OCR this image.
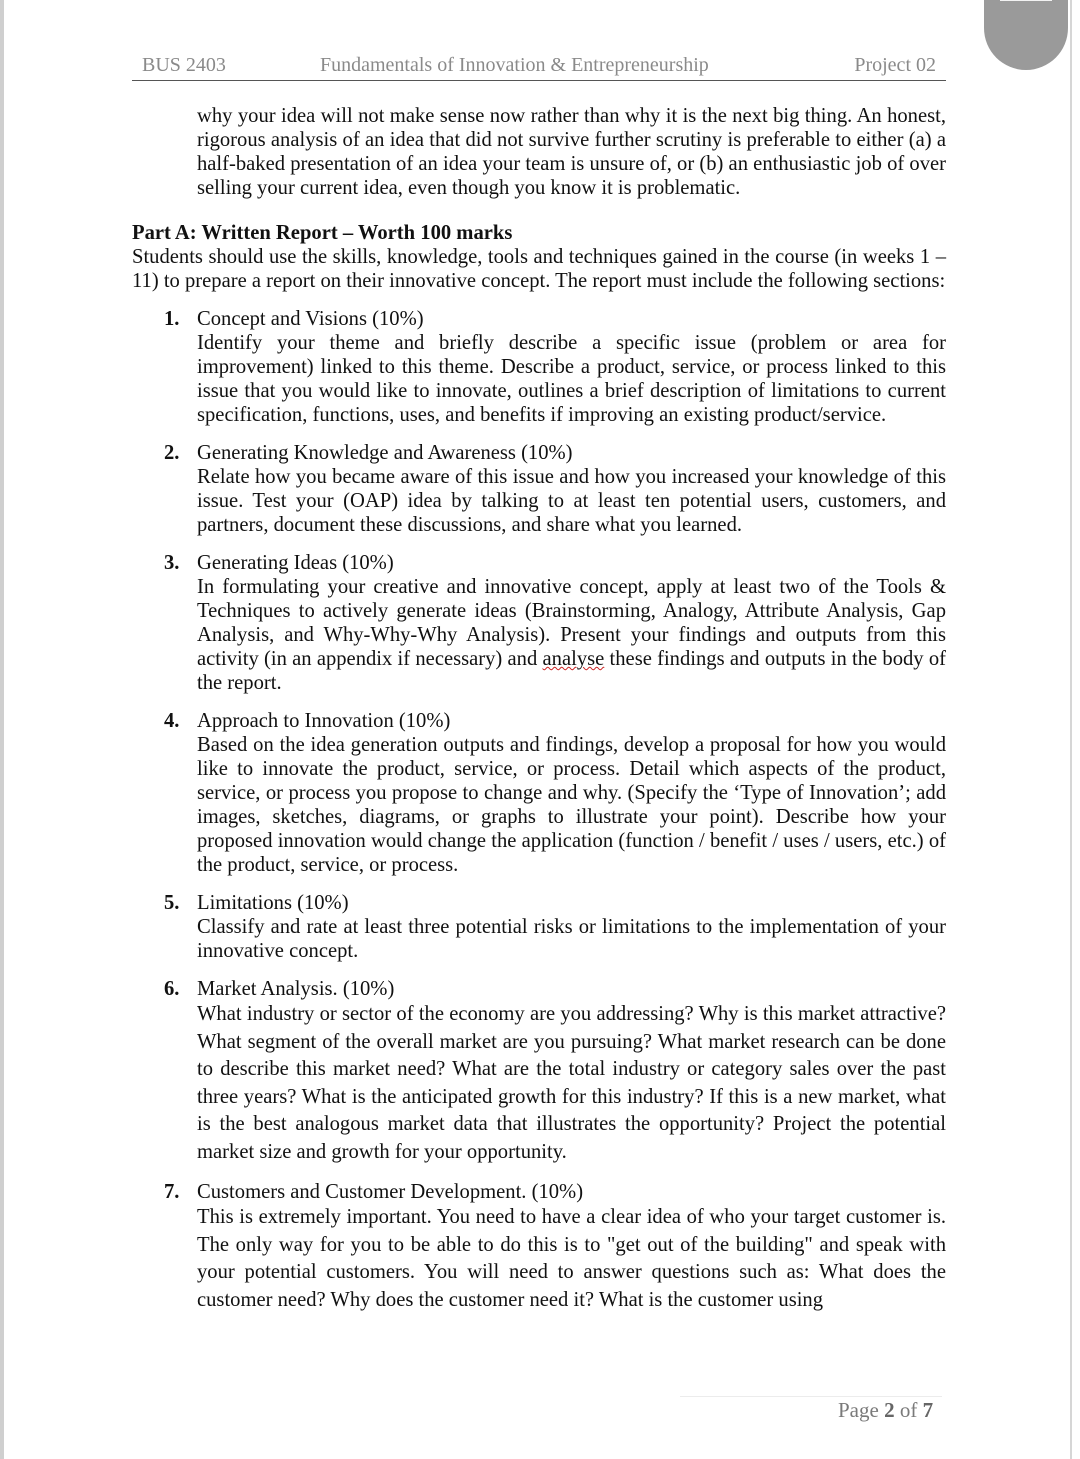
BUS 2403	Fundamentals of Innovation & Entrepreneurship	Project 02
why your idea will not make sense now rather than why it is the next big thing. An honest, rigorous analysis of an idea that did not survive further scrutiny is preferable to either (a) a half-baked presentation of an idea your team is unsure of, or (b) an enthusiastic job of over selling your current idea, even though you know it is problematic.
Part A: Written Report – Worth 100 marks
Students should use the skills, knowledge, tools and techniques gained in the course (in weeks 1 – 11) to prepare a report on their innovative concept. The report must include the following sections:
1. Concept and Visions (10%)
Identify your theme and briefly describe a specific issue (problem or area for improvement) linked to this theme. Describe a product, service, or process linked to this issue that you would like to innovate, outlines a brief description of limitations to current specification, functions, uses, and benefits if improving an existing product/service.
2. Generating Knowledge and Awareness (10%)
Relate how you became aware of this issue and how you increased your knowledge of this issue. Test your (OAP) idea by talking to at least ten potential users, customers, and partners, document these discussions, and share what you learned.
3. Generating Ideas (10%)
In formulating your creative and innovative concept, apply at least two of the Tools & Techniques to actively generate ideas (Brainstorming, Analogy, Attribute Analysis, Gap Analysis, and Why-Why-Why Analysis). Present your findings and outputs from this activity (in an appendix if necessary) and analyse these findings and outputs in the body of the report.
4. Approach to Innovation (10%)
Based on the idea generation outputs and findings, develop a proposal for how you would like to innovate the product, service, or process. Detail which aspects of the product, service, or process you propose to change and why. (Specify the ‘Type of Innovation’; add images, sketches, diagrams, or graphs to illustrate your point). Describe how your proposed innovation would change the application (function / benefit / uses / users, etc.) of the product, service, or process.
5. Limitations (10%)
Classify and rate at least three potential risks or limitations to the implementation of your innovative concept.
6. Market Analysis. (10%)
What industry or sector of the economy are you addressing? Why is this market attractive? What segment of the overall market are you pursuing? What market research can be done to describe this market need? What are the total industry or category sales over the past three years? What is the anticipated growth for this industry? If this is a new market, what is the best analogous market data that illustrates the opportunity? Project the potential market size and growth for your opportunity.
7. Customers and Customer Development. (10%)
This is extremely important. You need to have a clear idea of who your target customer is. The only way for you to be able to do this is to "get out of the building" and speak with your potential customers. You will need to answer questions such as: What does the customer need? Why does the customer need it? What is the customer using
Page 2 of 7
